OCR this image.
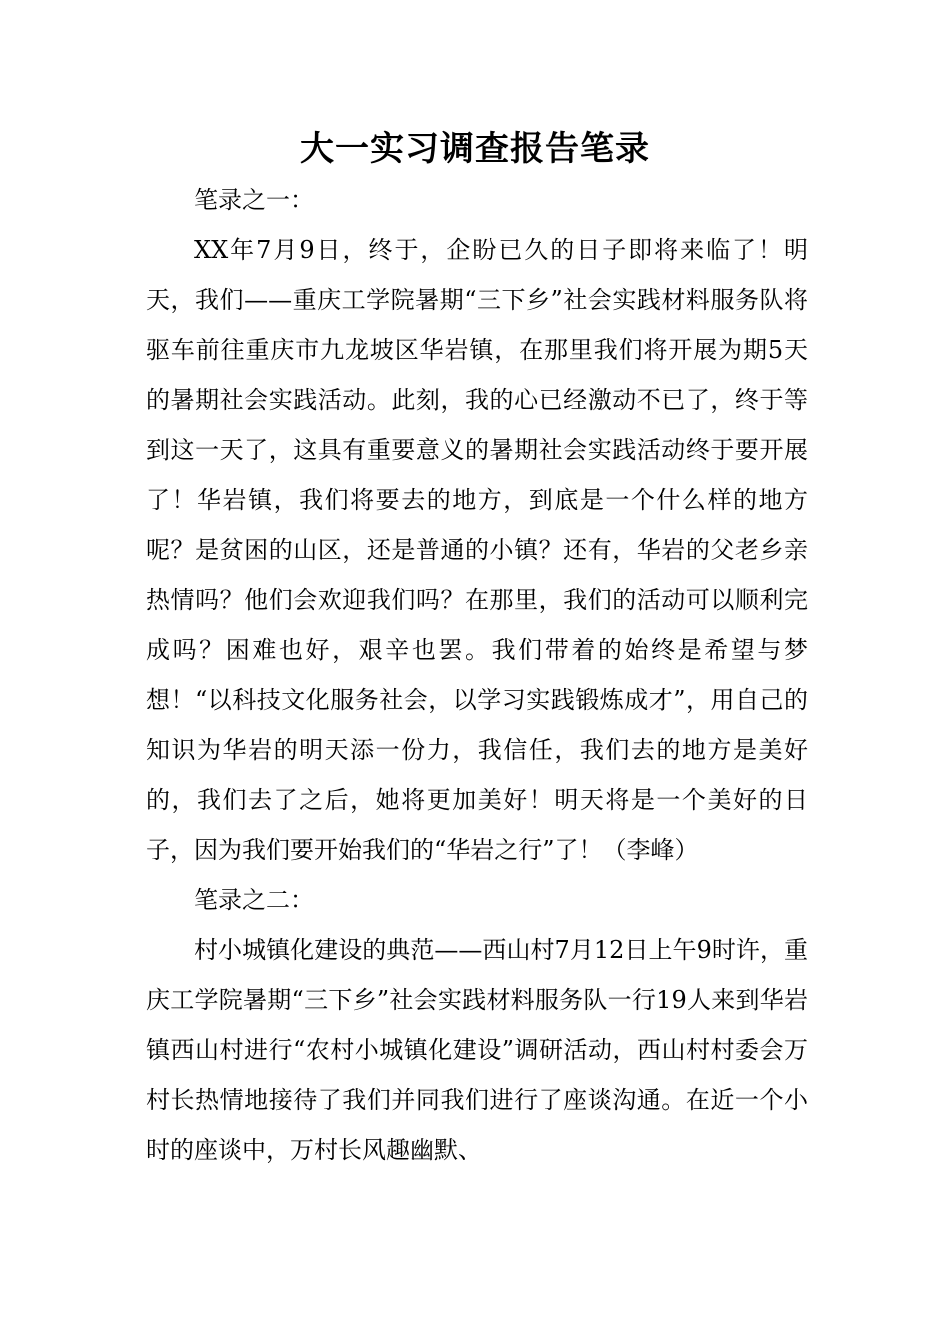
大一实习调查报告笔录

笔录之一：

XX年7月9日，终于，企盼已久的日子即将来临了！明天，我们——重庆工学院暑期“三下乡”社会实践材料服务队将驱车前往重庆市九龙坡区华岩镇，在那里我们将开展为期5天的暑期社会实践活动。此刻，我的心已经激动不已了，终于等到这一天了，这具有重要意义的暑期社会实践活动终于要开展了！华岩镇，我们将要去的地方，到底是一个什么样的地方呢？是贫困的山区，还是普通的小镇？还有，华岩的父老乡亲热情吗？他们会欢迎我们吗？在那里，我们的活动可以顺利完成吗？困难也好，艰辛也罢。我们带着的始终是希望与梦想！“以科技文化服务社会，以学习实践锻炼成才”，用自己的知识为华岩的明天添一份力，我信任，我们去的地方是美好的，我们去了之后，她将更加美好！明天将是一个美好的日子，因为我们要开始我们的“华岩之行”了！（李峰）

笔录之二：

村小城镇化建设的典范——西山村7月12日上午9时许，重庆工学院暑期“三下乡”社会实践材料服务队一行19人来到华岩镇西山村进行“农村小城镇化建设”调研活动，西山村村委会万村长热情地接待了我们并同我们进行了座谈沟通。在近一个小时的座谈中，万村长风趣幽默、
